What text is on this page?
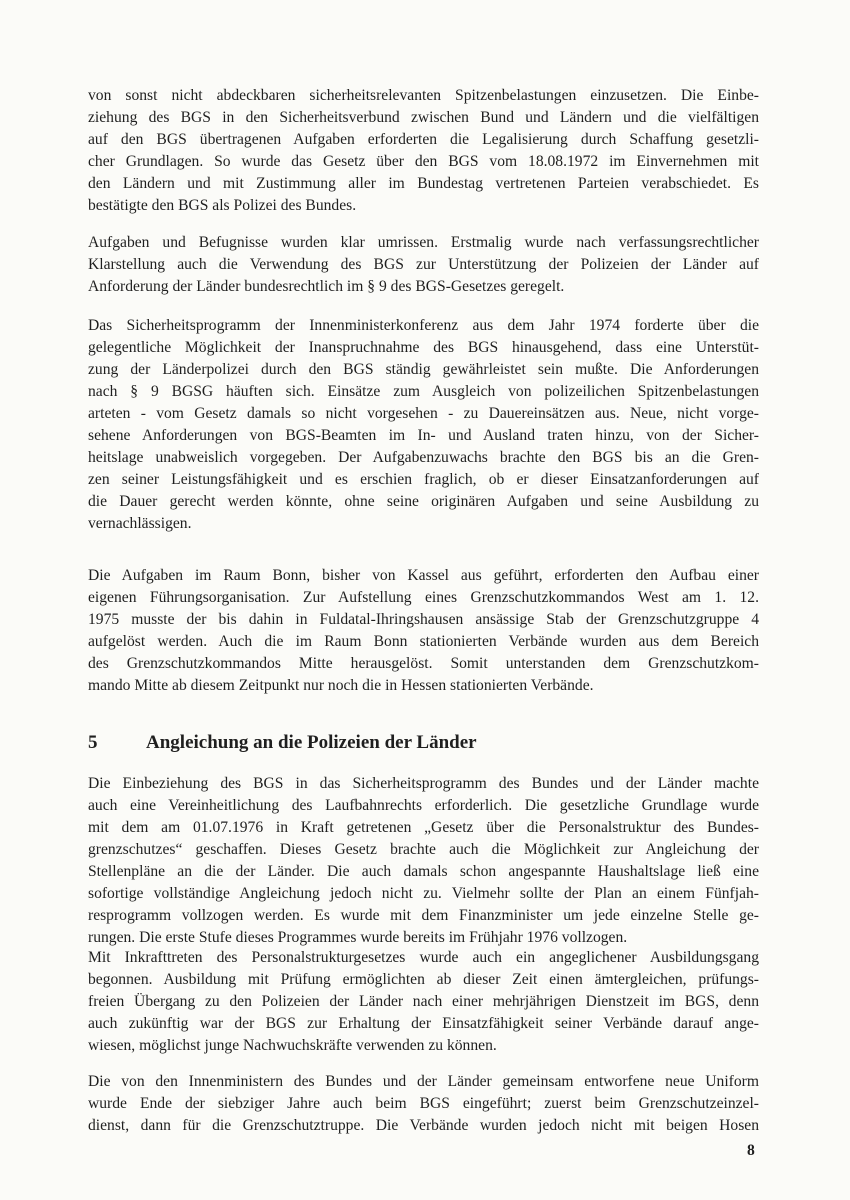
von sonst nicht abdeckbaren sicherheitsrelevanten Spitzenbelastungen einzusetzen. Die Einbe-
ziehung des BGS in den Sicherheitsverbund zwischen Bund und Ländern und die vielfältigen
auf den BGS übertragenen Aufgaben erforderten die Legalisierung durch Schaffung gesetzli-
cher Grundlagen. So wurde das Gesetz über den BGS vom 18.08.1972 im Einvernehmen mit
den Ländern und mit Zustimmung aller im Bundestag vertretenen Parteien verabschiedet. Es
bestätigte den BGS als Polizei des Bundes.
Aufgaben und Befugnisse wurden klar umrissen. Erstmalig wurde nach verfassungsrechtlicher
Klarstellung auch die Verwendung des BGS zur Unterstützung der Polizeien der Länder auf
Anforderung der Länder bundesrechtlich im § 9 des BGS-Gesetzes geregelt.
Das Sicherheitsprogramm der Innenministerkonferenz aus dem Jahr 1974 forderte über die
gelegentliche Möglichkeit der Inanspruchnahme des BGS hinausgehend, dass eine Unterstüt-
zung der Länderpolizei durch den BGS ständig gewährleistet sein mußte. Die Anforderungen
nach § 9 BGSG häuften sich. Einsätze zum Ausgleich von polizeilichen Spitzenbelastungen
arteten - vom Gesetz damals so nicht vorgesehen - zu Dauereinsätzen aus. Neue, nicht vorge-
sehene Anforderungen von BGS-Beamten im In- und Ausland traten hinzu, von der Sicher-
heitslage unabweislich vorgegeben. Der Aufgabenzuwachs brachte den BGS bis an die Gren-
zen seiner Leistungsfähigkeit und es erschien fraglich, ob er dieser Einsatzanforderungen auf
die Dauer gerecht werden könnte, ohne seine originären Aufgaben und seine Ausbildung zu
vernachlässigen.
Die Aufgaben im Raum Bonn, bisher von Kassel aus geführt, erforderten den Aufbau einer
eigenen Führungsorganisation. Zur Aufstellung eines Grenzschutzkommandos West am 1. 12.
1975 musste der bis dahin in Fuldatal-Ihringshausen ansässige Stab der Grenzschutzgruppe 4
aufgelöst werden. Auch die im Raum Bonn stationierten Verbände wurden aus dem Bereich
des Grenzschutzkommandos Mitte herausgelöst. Somit unterstanden dem Grenzschutzkom-
mando Mitte ab diesem Zeitpunkt nur noch die in Hessen stationierten Verbände.
5	Angleichung an die Polizeien der Länder
Die Einbeziehung des BGS in das Sicherheitsprogramm des Bundes und der Länder machte
auch eine Vereinheitlichung des Laufbahnrechts erforderlich. Die gesetzliche Grundlage wurde
mit dem am 01.07.1976 in Kraft getretenen „Gesetz über die Personalstruktur des Bundes-
grenzschutzes“ geschaffen. Dieses Gesetz brachte auch die Möglichkeit zur Angleichung der
Stellenpläne an die der Länder. Die auch damals schon angespannte Haushaltslage ließ eine
sofortige vollständige Angleichung jedoch nicht zu. Vielmehr sollte der Plan an einem Fünfjah-
resprogramm vollzogen werden. Es wurde mit dem Finanzminister um jede einzelne Stelle ge-
rungen. Die erste Stufe dieses Programmes wurde bereits im Frühjahr 1976 vollzogen.
Mit Inkrafttreten des Personalstrukturgesetzes wurde auch ein angeglichener Ausbildungsgang
begonnen. Ausbildung mit Prüfung ermöglichten ab dieser Zeit einen ämtergleichen, prüfungs-
freien Übergang zu den Polizeien der Länder nach einer mehrjährigen Dienstzeit im BGS, denn
auch zukünftig war der BGS zur Erhaltung der Einsatzfähigkeit seiner Verbände darauf ange-
wiesen, möglichst junge Nachwuchskräfte verwenden zu können.
Die von den Innenministern des Bundes und der Länder gemeinsam entworfene neue Uniform
wurde Ende der siebziger Jahre auch beim BGS eingeführt; zuerst beim Grenzschutzeinzel-
dienst, dann für die Grenzschutztruppe. Die Verbände wurden jedoch nicht mit beigen Hosen
8
